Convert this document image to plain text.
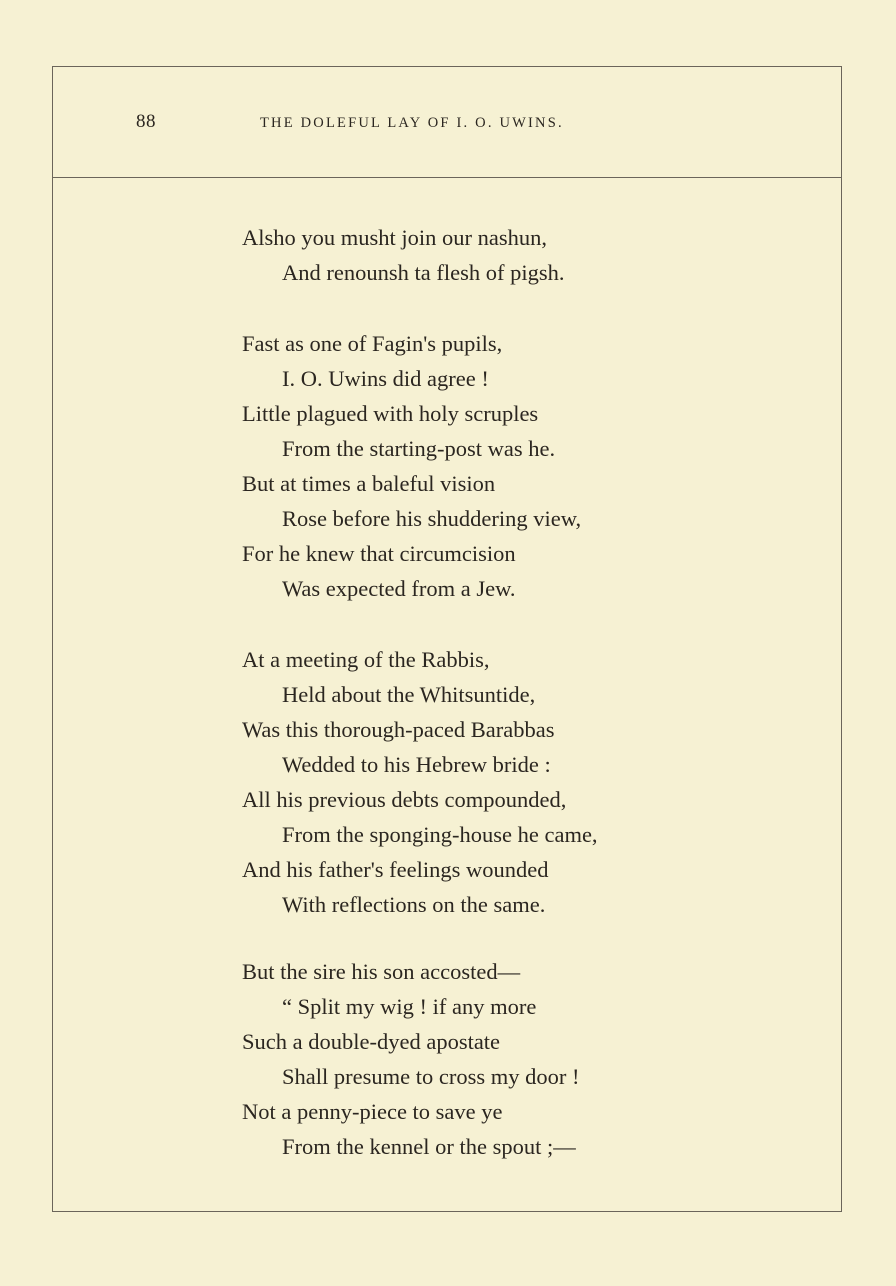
88	THE DOLEFUL LAY OF I. O. UWINS.
Alsho you musht join our nashun,
And renounsh ta flesh of pigsh.
Fast as one of Fagin's pupils,
I. O. Uwins did agree !
Little plagued with holy scruples
From the starting-post was he.
But at times a baleful vision
Rose before his shuddering view,
For he knew that circumcision
Was expected from a Jew.
At a meeting of the Rabbis,
Held about the Whitsuntide,
Was this thorough-paced Barabbas
Wedded to his Hebrew bride :
All his previous debts compounded,
From the sponging-house he came,
And his father's feelings wounded
With reflections on the same.
But the sire his son accosted—
“ Split my wig ! if any more
Such a double-dyed apostate
Shall presume to cross my door !
Not a penny-piece to save ye
From the kennel or the spout ;—
